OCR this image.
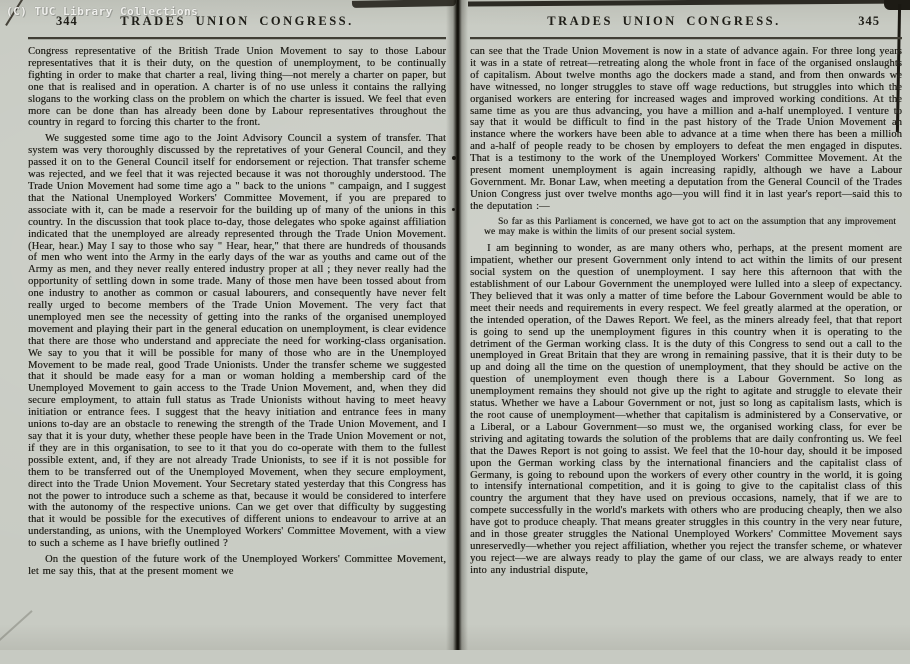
(C) TUC Library Collections
344	TRADES UNION CONGRESS.

Congress representative of the British Trade Union Movement to say to those Labour representatives that it is their duty, on the question of unemployment, to be continually fighting in order to make that charter a real, living thing—not merely a charter on paper, but one that is realised and in operation. A charter is of no use unless it contains the rallying slogans to the working class on the problem on which the charter is issued. We feel that even more can be done than has already been done by Labour representatives throughout the country in regard to forcing this charter to the front.

We suggested some time ago to the Joint Advisory Council a system of transfer. That system was very thoroughly discussed by the repretatives of your General Council, and they passed it on to the General Council itself for endorsement or rejection. That transfer scheme was rejected, and we feel that it was rejected because it was not thoroughly understood. The Trade Union Movement had some time ago a " back to the unions " campaign, and I suggest that the National Unemployed Workers' Committee Movement, if you are prepared to associate with it, can be made a reservoir for the building up of many of the unions in this country. In the discussion that took place to-day, those delegates who spoke against affiliation indicated that the unemployed are already represented through the Trade Union Movement. (Hear, hear.) May I say to those who say " Hear, hear," that there are hundreds of thousands of men who went into the Army in the early days of the war as youths and came out of the Army as men, and they never really entered industry proper at all ; they never really had the opportunity of settling down in some trade. Many of those men have been tossed about from one industry to another as common or casual labourers, and consequently have never felt really urged to become members of the Trade Union Movement. The very fact that unemployed men see the necessity of getting into the ranks of the organised unemployed movement and playing their part in the general education on unemployment, is clear evidence that there are those who understand and appreciate the need for working-class organisation. We say to you that it will be possible for many of those who are in the Unemployed Movement to be made real, good Trade Unionists. Under the transfer scheme we suggested that it should be made easy for a man or woman holding a membership card of the Unemployed Movement to gain access to the Trade Union Movement, and, when they did secure employment, to attain full status as Trade Unionists without having to meet heavy initiation or entrance fees. I suggest that the heavy initiation and entrance fees in many unions to-day are an obstacle to renewing the strength of the Trade Union Movement, and I say that it is your duty, whether these people have been in the Trade Union Movement or not, if they are in this organisation, to see to it that you do co-operate with them to the fullest possible extent, and, if they are not already Trade Unionists, to see if it is not possible for them to be transferred out of the Unemployed Movement, when they secure employment, direct into the Trade Union Movement. Your Secretary stated yesterday that this Congress has not the power to introduce such a scheme as that, because it would be considered to interfere with the autonomy of the respective unions. Can we get over that difficulty by suggesting that it would be possible for the executives of different unions to endeavour to arrive at an understanding, as unions, with the Unemployed Workers' Committee Movement, with a view to such a scheme as I have briefly outlined ?

On the question of the future work of the Unemployed Workers' Committee Movement, let me say this, that at the present moment we

345
TRADES UNION CONGRESS.

can see that the Trade Union Movement is now in a state of advance again. For three long years it was in a state of retreat—retreating along the whole front in face of the organised onslaughts of capitalism. About twelve months ago the dockers made a stand, and from then onwards we have witnessed, no longer struggles to stave off wage reductions, but struggles into which the organised workers are entering for increased wages and improved working conditions. At the same time as you are thus advancing, you have a million and a-half unemployed. I venture to say that it would be difficult to find in the past history of the Trade Union Movement an instance where the workers have been able to advance at a time when there has been a million and a-half of people ready to be chosen by employers to defeat the men engaged in disputes. That is a testimony to the work of the Unemployed Workers' Committee Movement. At the present moment unemployment is again increasing rapidly, although we have a Labour Government. Mr. Bonar Law, when meeting a deputation from the General Council of the Trades Union Congress just over twelve months ago—you will find it in last year's report—said this to the deputation :—

So far as this Parliament is concerned, we have got to act on the assumption that any improvement we may make is within the limits of our present social system.

I am beginning to wonder, as are many others who, perhaps, at the present moment are impatient, whether our present Government only intend to act within the limits of our present social system on the question of unemployment. I say here this afternoon that with the establishment of our Labour Government the unemployed were lulled into a sleep of expectancy. They believed that it was only a matter of time before the Labour Government would be able to meet their needs and requirements in every respect. We feel greatly alarmed at the operation, or the intended operation, of the Dawes Report. We feel, as the miners already feel, that that report is going to send up the unemployment figures in this country when it is operating to the detriment of the German working class. It is the duty of this Congress to send out a call to the unemployed in Great Britain that they are wrong in remaining passive, that it is their duty to be up and doing all the time on the question of unemployment, that they should be active on the question of unemployment even though there is a Labour Government. So long as unemployment remains they should not give up the right to agitate and struggle to elevate their status. Whether we have a Labour Government or not, just so long as capitalism lasts, which is the root cause of unemployment—whether that capitalism is administered by a Conservative, or a Liberal, or a Labour Government—so must we, the organised working class, for ever be striving and agitating towards the solution of the problems that are daily confronting us. We feel that the Dawes Report is not going to assist. We feel that the 10-hour day, should it be imposed upon the German working class by the international financiers and the capitalist class of Germany, is going to rebound upon the workers of every other country in the world, it is going to intensify international competition, and it is going to give to the capitalist class of this country the argument that they have used on previous occasions, namely, that if we are to compete successfully in the world's markets with others who are producing cheaply, then we also have got to produce cheaply. That means greater struggles in this country in the very near future, and in those greater struggles the National Unemployed Workers' Committee Movement says unreservedly—whether you reject affiliation, whether you reject the transfer scheme, or whatever you reject—we are always ready to play the game of our class, we are always ready to enter into any industrial dispute,
